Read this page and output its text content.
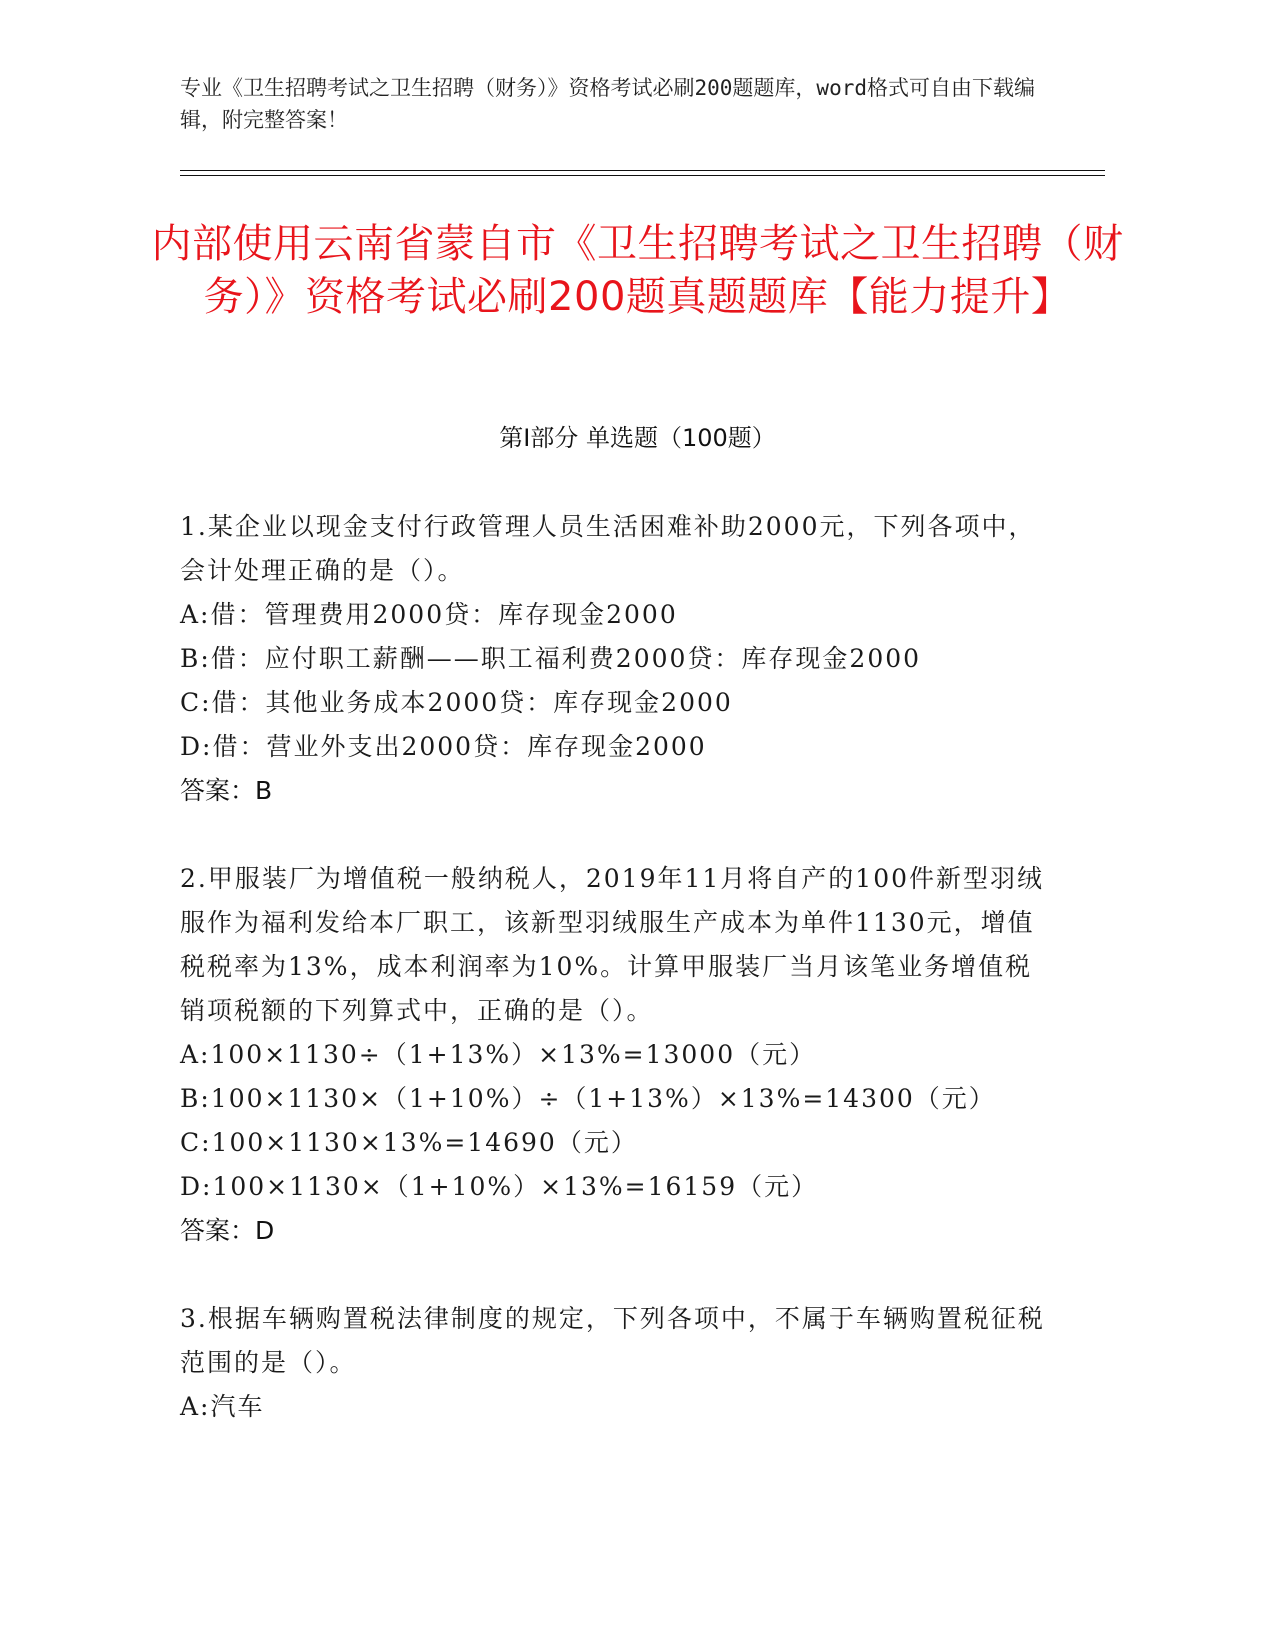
专业《卫生招聘考试之卫生招聘（财务）》资格考试必刷200题题库，word格式可自由下载编辑，附完整答案！
内部使用云南省蒙自市《卫生招聘考试之卫生招聘（财务）》资格考试必刷200题真题题库【能力提升】
第I部分 单选题（100题）
1.某企业以现金支付行政管理人员生活困难补助2000元，下列各项中，会计处理正确的是（）。
A:借：管理费用2000贷：库存现金2000
B:借：应付职工薪酬——职工福利费2000贷：库存现金2000
C:借：其他业务成本2000贷：库存现金2000
D:借：营业外支出2000贷：库存现金2000
答案：B
2.甲服装厂为增值税一般纳税人，2019年11月将自产的100件新型羽绒服作为福利发给本厂职工，该新型羽绒服生产成本为单件1130元，增值税税率为13%，成本利润率为10%。计算甲服装厂当月该笔业务增值税销项税额的下列算式中，正确的是（）。
A:100×1130÷（1+13%）×13%=13000（元）
B:100×1130×（1+10%）÷（1+13%）×13%=14300（元）
C:100×1130×13%=14690（元）
D:100×1130×（1+10%）×13%=16159（元）
答案：D
3.根据车辆购置税法律制度的规定，下列各项中，不属于车辆购置税征税范围的是（）。
A:汽车
